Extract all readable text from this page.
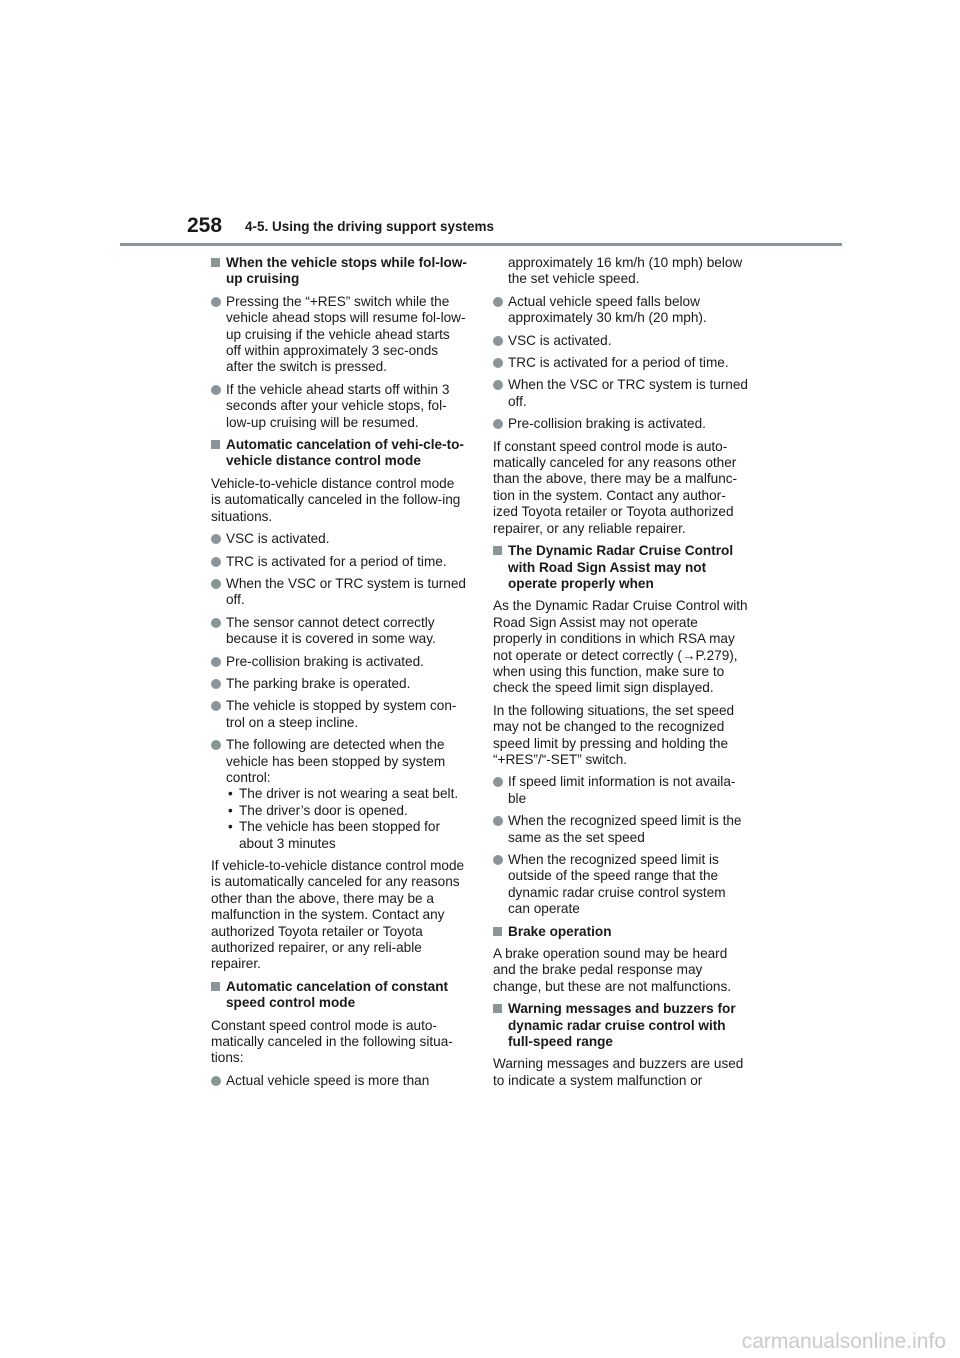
258 4-5. Using the driving support systems
When the vehicle stops while fol-low-up cruising
Pressing the “+RES” switch while the vehicle ahead stops will resume fol-low-up cruising if the vehicle ahead starts off within approximately 3 sec-onds after the switch is pressed.
If the vehicle ahead starts off within 3 seconds after your vehicle stops, fol-low-up cruising will be resumed.
Automatic cancelation of vehi-cle-to-vehicle distance control mode
Vehicle-to-vehicle distance control mode is automatically canceled in the follow-ing situations.
VSC is activated.
TRC is activated for a period of time.
When the VSC or TRC system is turned off.
The sensor cannot detect correctly because it is covered in some way.
Pre-collision braking is activated.
The parking brake is operated.
The vehicle is stopped by system con-trol on a steep incline.
The following are detected when the vehicle has been stopped by system control:
• The driver is not wearing a seat belt.
• The driver’s door is opened.
• The vehicle has been stopped for about 3 minutes
If vehicle-to-vehicle distance control mode is automatically canceled for any reasons other than the above, there may be a malfunction in the system. Contact any authorized Toyota retailer or Toyota authorized repairer, or any reli-able repairer.
Automatic cancelation of constant speed control mode
Constant speed control mode is auto-matically canceled in the following situa-tions:
Actual vehicle speed is more than
approximately 16 km/h (10 mph) below the set vehicle speed.
Actual vehicle speed falls below approximately 30 km/h (20 mph).
VSC is activated.
TRC is activated for a period of time.
When the VSC or TRC system is turned off.
Pre-collision braking is activated.
If constant speed control mode is auto-matically canceled for any reasons other than the above, there may be a malfunc-tion in the system. Contact any author-ized Toyota retailer or Toyota authorized repairer, or any reliable repairer.
The Dynamic Radar Cruise Control with Road Sign Assist may not operate properly when
As the Dynamic Radar Cruise Control with Road Sign Assist may not operate properly in conditions in which RSA may not operate or detect correctly (→P.279), when using this function, make sure to check the speed limit sign displayed.
In the following situations, the set speed may not be changed to the recognized speed limit by pressing and holding the “+RES”/“-SET” switch.
If speed limit information is not availa-ble
When the recognized speed limit is the same as the set speed
When the recognized speed limit is outside of the speed range that the dynamic radar cruise control system can operate
Brake operation
A brake operation sound may be heard and the brake pedal response may change, but these are not malfunctions.
Warning messages and buzzers for dynamic radar cruise control with full-speed range
Warning messages and buzzers are used to indicate a system malfunction or
carmanualsonline.info
